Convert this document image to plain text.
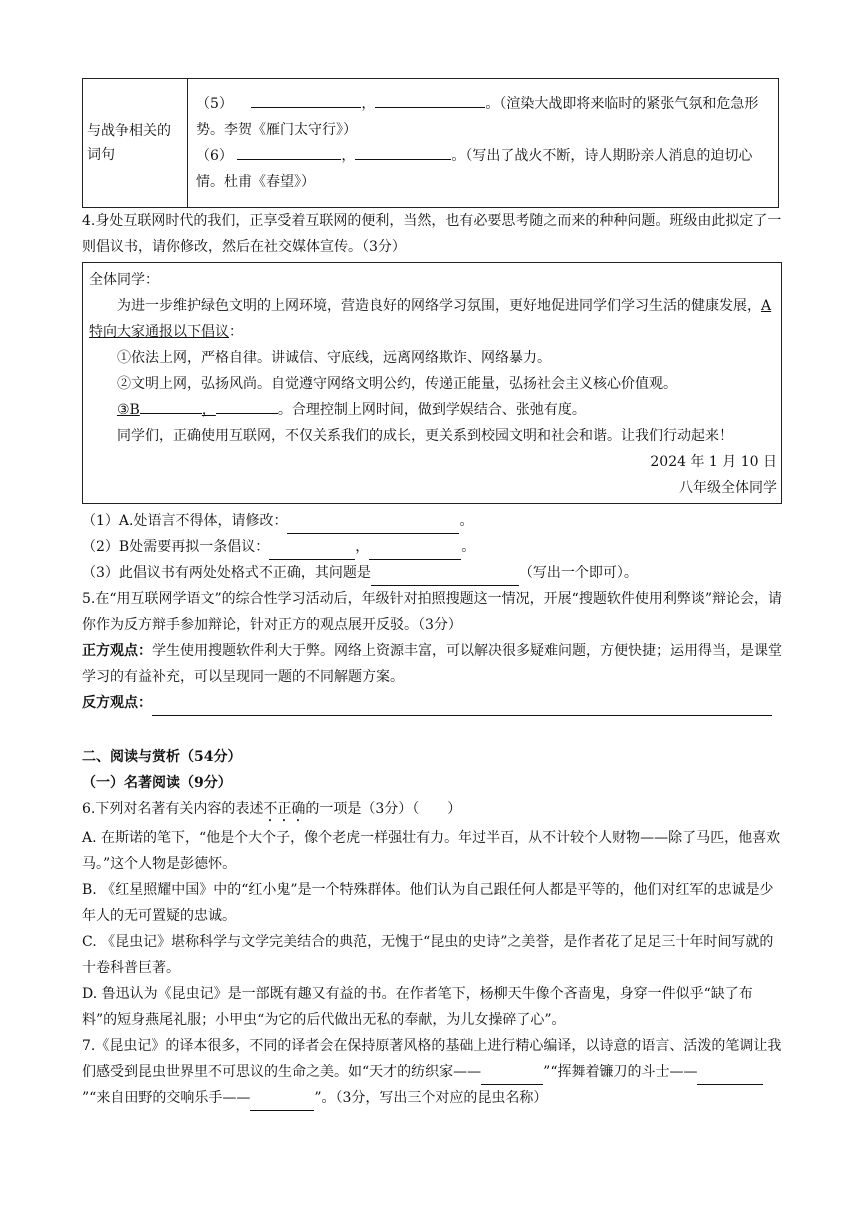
与战争相关的词句	
（5）	，	。（渲染大战即将来临时的紧张气氛和危急形势。李贺《雁门太守行》）
（6）	，	。（写出了战火不断，诗人期盼亲人消息的迫切心情。杜甫《春望》）

4.身处互联网时代的我们，正享受着互联网的便利，当然，也有必要思考随之而来的种种问题。班级由此拟定了一则倡议书，请你修改，然后在社交媒体宣传。（3分）

全体同学：

为进一步维护绿色文明的上网环境，营造良好的网络学习氛围，更好地促进同学们学习生活的健康发展，A特向大家通报以下倡议：

①依法上网，严格自律。讲诚信、守底线，远离网络欺诈、网络暴力。

②文明上网，弘扬风尚。自觉遵守网络文明公约，传递正能量，弘扬社会主义核心价值观。

③B	，	。合理控制上网时间，做到学娱结合、张弛有度。

同学们，正确使用互联网，不仅关系我们的成长，更关系到校园文明和社会和谐。让我们行动起来！

2024 年 1 月 10 日

八年级全体同学

（1）A.处语言不得体，请修改：	。

（2）B处需要再拟一条倡议：	，	。

（3）此倡议书有两处处格式不正确，其问题是	（写出一个即可）。

5.在“用互联网学语文”的综合性学习活动后，年级针对拍照搜题这一情况，开展“搜题软件使用利弊谈”辩论会，请你作为反方辩手参加辩论，针对正方的观点展开反驳。（3分）

正方观点：学生使用搜题软件利大于弊。网络上资源丰富，可以解决很多疑难问题，方便快捷；运用得当，是课堂学习的有益补充，可以呈现同一题的不同解题方案。

反方观点：

二、阅读与赏析（54分）

（一）名著阅读（9分）

6.下列对名著有关内容的表述不正确的一项是（3分）（　　）

A. 在斯诺的笔下，“他是个大个子，像个老虎一样强壮有力。年过半百，从不计较个人财物——除了马匹，他喜欢马。”这个人物是彭德怀。

B. 《红星照耀中国》中的“红小鬼”是一个特殊群体。他们认为自己跟任何人都是平等的，他们对红军的忠诚是少年人的无可置疑的忠诚。

C. 《昆虫记》堪称科学与文学完美结合的典范，无愧于“昆虫的史诗”之美誉，是作者花了足足三十年时间写就的十卷科普巨著。

D. 鲁迅认为《昆虫记》是一部既有趣又有益的书。在作者笔下，杨柳天牛像个吝啬鬼，身穿一件似乎“缺了布料”的短身燕尾礼服；小甲虫“为它的后代做出无私的奉献，为儿女操碎了心”。

7.《昆虫记》的译本很多，不同的译者会在保持原著风格的基础上进行精心编译，以诗意的语言、活泼的笔调让我们感受到昆虫世界里不可思议的生命之美。如“天才的纺织家——	”“挥舞着镰刀的斗士——”“来自田野的交响乐手——	”。（3分，写出三个对应的昆虫名称）
